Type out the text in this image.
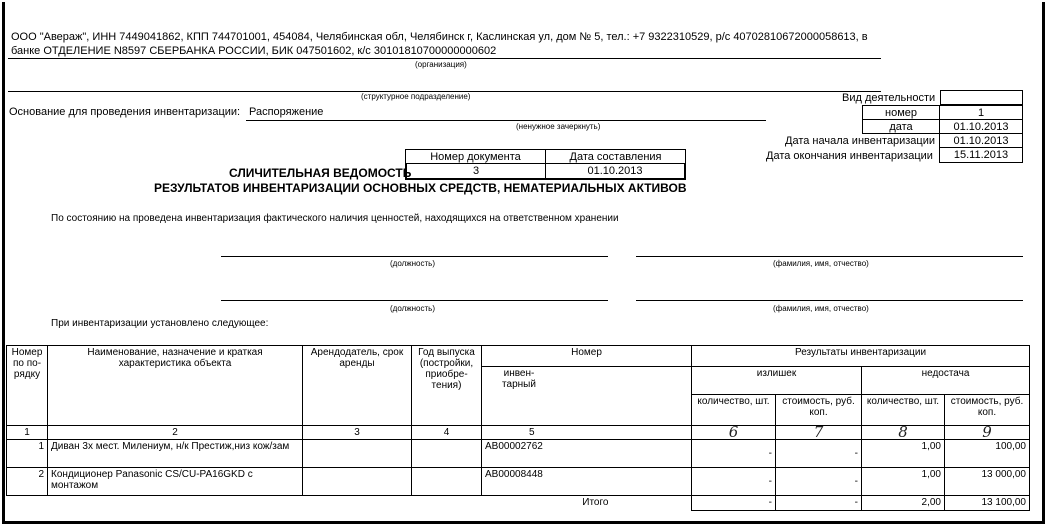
ООО "Авераж", ИНН 7449041862, КПП 744701001, 454084, Челябинская обл, Челябинск г, Каслинская ул, дом № 5, тел.: +7 9322310529, р/с 40702810672000058613, в
банке ОТДЕЛЕНИЕ N8597 СБЕРБАНКА РОССИИ, БИК 047501602, к/с 30101810700000000602
(организация)
(структурное подразделение)
Основание для проведения инвентаризации: Распоряжение
(ненужное зачеркнуть)
Вид деятельности
номер	1
дата	01.10.2013
Дата начала инвентаризации 01.10.2013
Дата окончания инвентаризации 15.11.2013
Номер документа	Дата составления
3	01.10.2013
СЛИЧИТЕЛЬНАЯ ВЕДОМОСТЬ
РЕЗУЛЬТАТОВ ИНВЕНТАРИЗАЦИИ ОСНОВНЫХ СРЕДСТВ, НЕМАТЕРИАЛЬНЫХ АКТИВОВ
По состоянию на проведена инвентаризация фактического наличия ценностей, находящихся на ответственном хранении
(должность)	(фамилия, имя, отчество)
(должность)	(фамилия, имя, отчество)
При инвентаризации установлено следующее:
Номер по по-рядку	Наименование, назначение и краткая характеристика объекта	Арендодатель, срок аренды	Год выпуска (постройки, приобре-тения)	Номер		Результаты инвентаризации			
				инвен-тарный		излишек		недостача	
						количество, шт.	стоимость, руб. коп.	количество, шт.	стоимость, руб. коп.
1	2	3	4	5		6	7	8	9
1	Диван 3х мест. Милениум, н/к Престиж,низ кож/зам			АВ00002762		-	-	1,00	100,00
2	Кондиционер Panasonic CS/CU-PA16GKD с монтажом			АВ00008448		-	-	1,00	13 000,00
Итого						-	-	2,00	13 100,00
